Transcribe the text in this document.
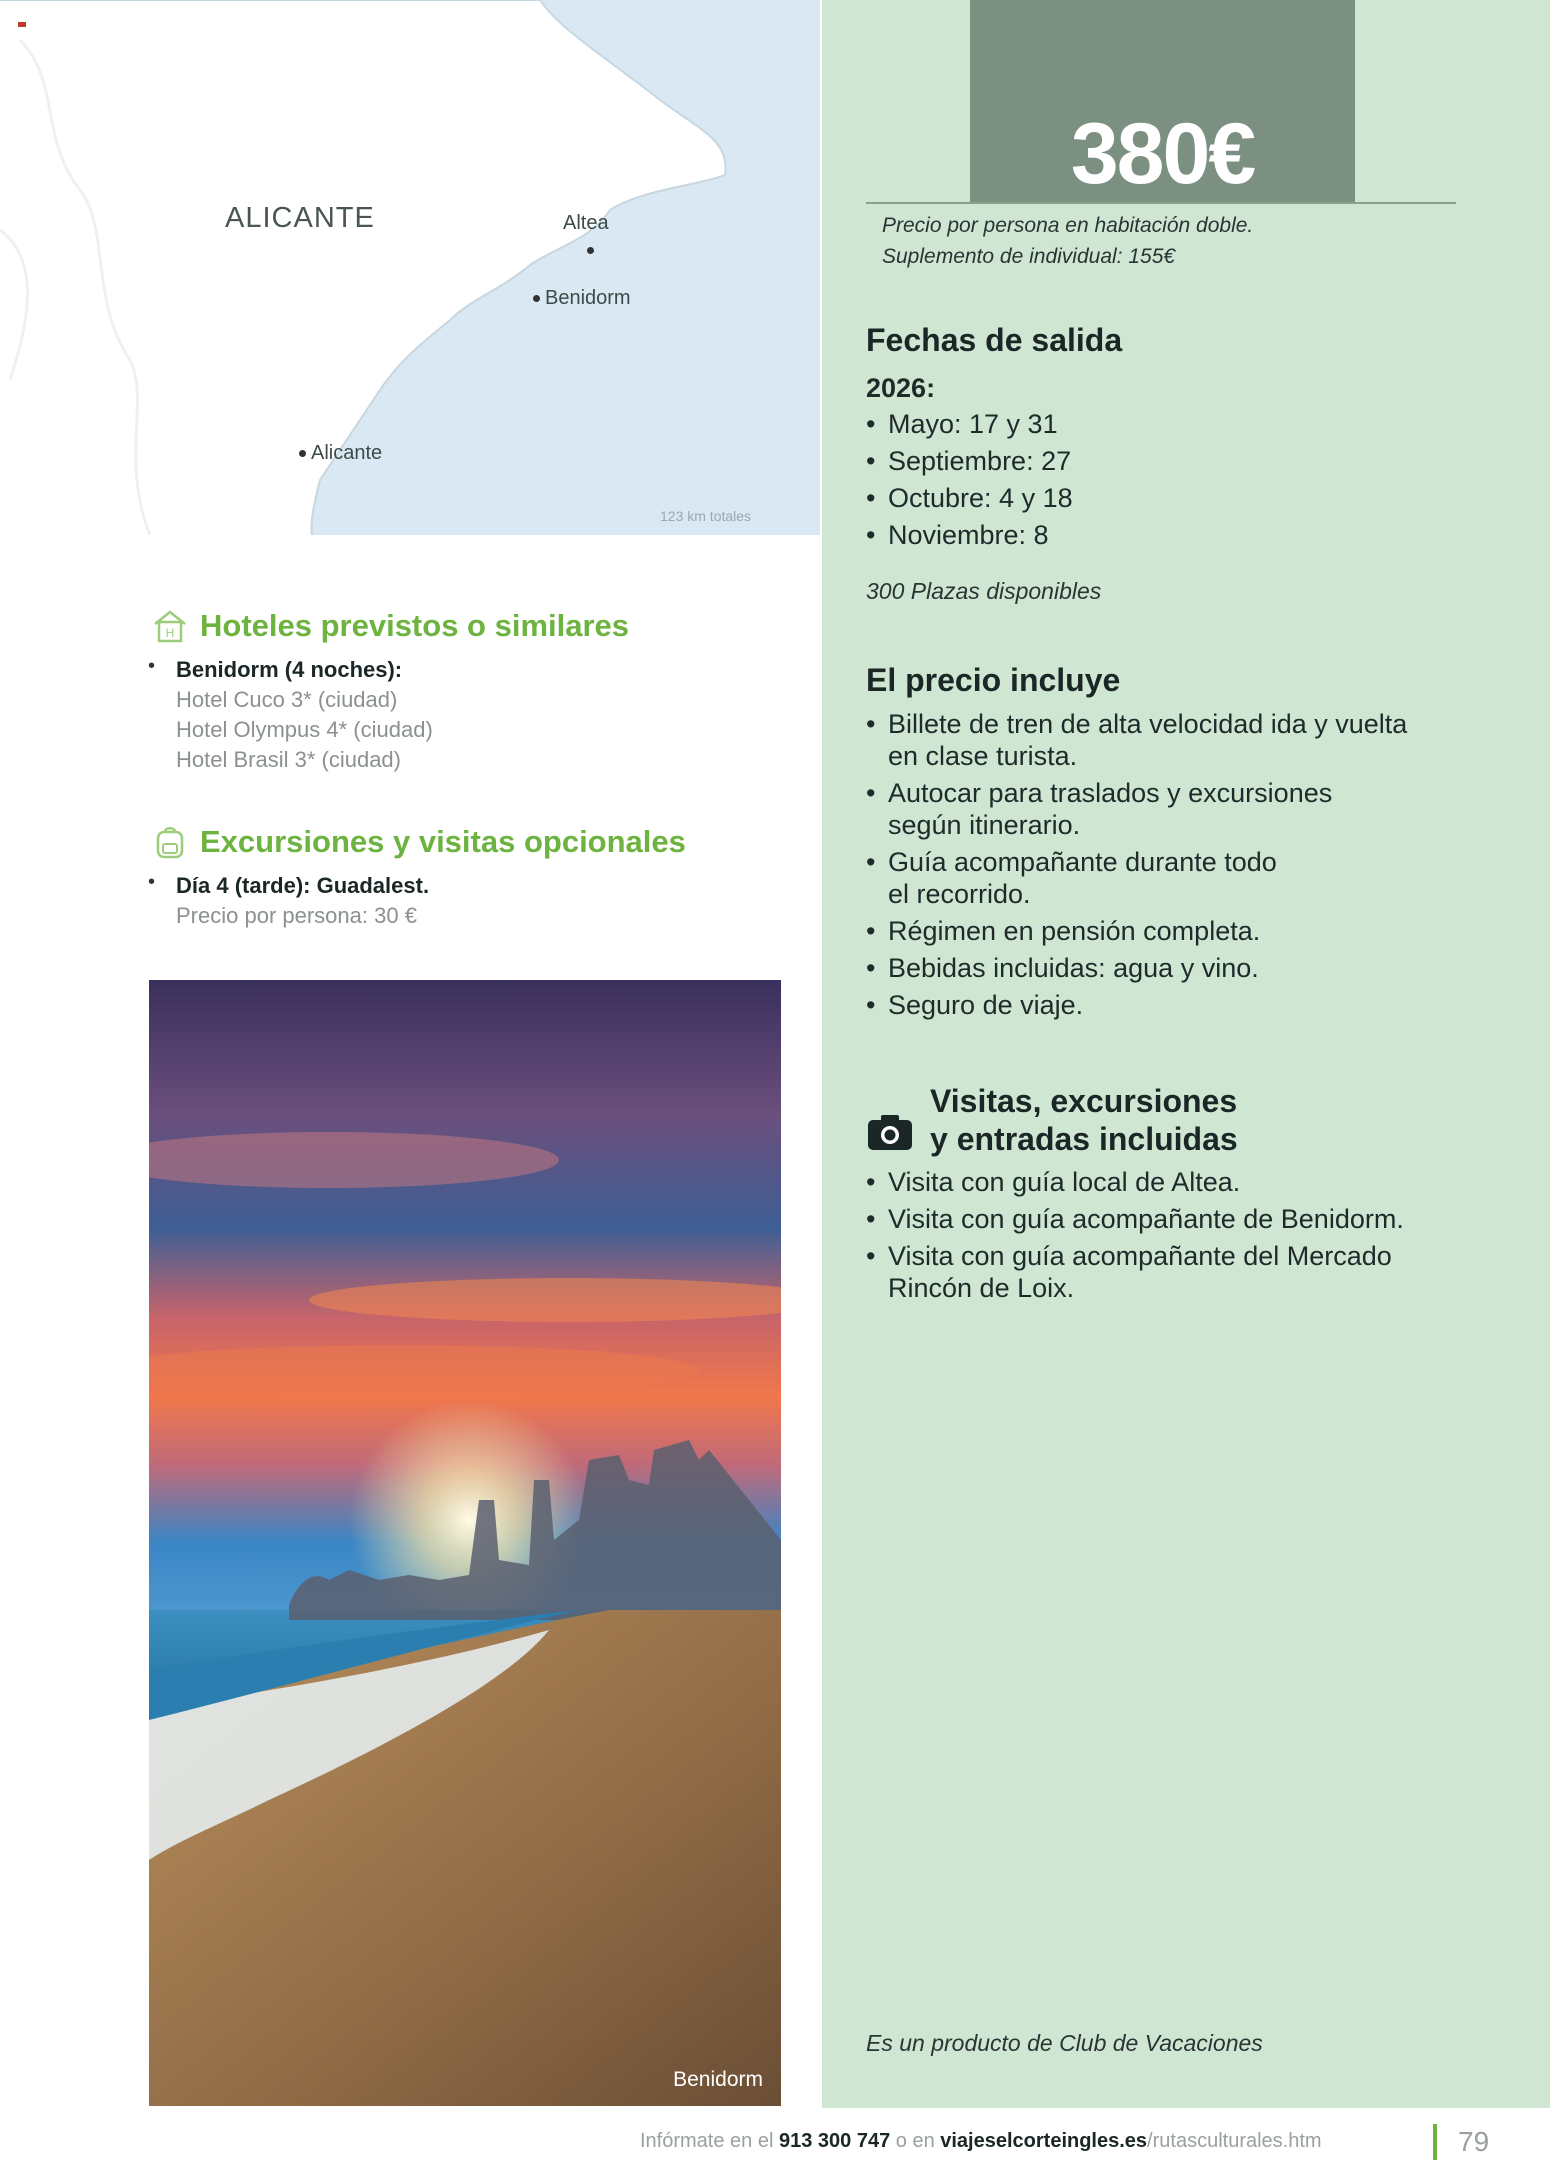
ALICANTE	Altea
Benidorm
Alicante
123 km totales
380€
Precio por persona en habitación doble.
Suplemento de individual: 155€
Fechas de salida
2026:
• Mayo: 17 y 31
• Septiembre: 27
• Octubre: 4 y 18
• Noviembre: 8
300 Plazas disponibles
El precio incluye
• Billete de tren de alta velocidad ida y vuelta
en clase turista.
• Autocar para traslados y excursiones
según itinerario.
• Guía acompañante durante todo
el recorrido.
• Régimen en pensión completa.
• Bebidas incluidas: agua y vino.
• Seguro de viaje.
Visitas, excursiones
y entradas incluidas
• Visita con guía local de Altea.
• Visita con guía acompañante de Benidorm.
• Visita con guía acompañante del Mercado
Rincón de Loix.
Es un producto de Club de Vacaciones
H Hoteles previstos o similares
• Benidorm (4 noches):
Hotel Cuco 3* (ciudad)
Hotel Olympus 4* (ciudad)
Hotel Brasil 3* (ciudad)
Excursiones y visitas opcionales
• Día 4 (tarde): Guadalest.
Precio por persona: 30 €
Benidorm
Infórmate en el 913 300 747 o en viajeselcorteingles.es/rutasculturales.htm	79
